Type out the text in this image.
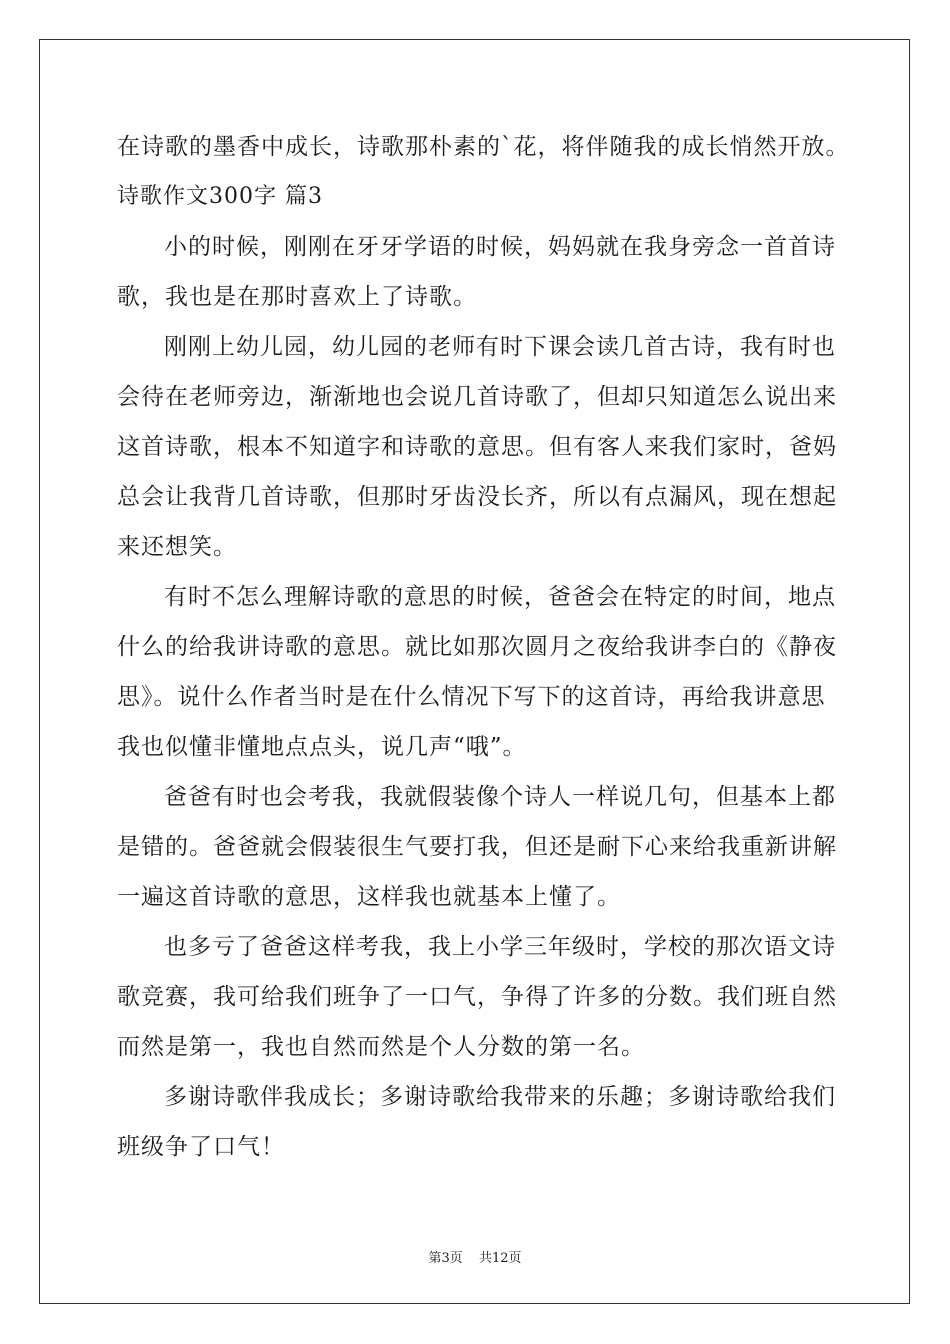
在诗歌的墨香中成长，诗歌那朴素的`花，将伴随我的成长悄然开放。
诗歌作文300字 篇3
小的时候，刚刚在牙牙学语的时候，妈妈就在我身旁念一首首诗
歌，我也是在那时喜欢上了诗歌。
刚刚上幼儿园，幼儿园的老师有时下课会读几首古诗，我有时也
会待在老师旁边，渐渐地也会说几首诗歌了，但却只知道怎么说出来
这首诗歌，根本不知道字和诗歌的意思。但有客人来我们家时，爸妈
总会让我背几首诗歌，但那时牙齿没长齐，所以有点漏风，现在想起
来还想笑。
有时不怎么理解诗歌的意思的时候，爸爸会在特定的时间，地点
什么的给我讲诗歌的意思。就比如那次圆月之夜给我讲李白的《静夜
思》。说什么作者当时是在什么情况下写下的这首诗，再给我讲意思
我也似懂非懂地点点头，说几声“哦”。
爸爸有时也会考我，我就假装像个诗人一样说几句，但基本上都
是错的。爸爸就会假装很生气要打我，但还是耐下心来给我重新讲解
一遍这首诗歌的意思，这样我也就基本上懂了。
也多亏了爸爸这样考我，我上小学三年级时，学校的那次语文诗
歌竞赛，我可给我们班争了一口气，争得了许多的分数。我们班自然
而然是第一，我也自然而然是个人分数的第一名。
多谢诗歌伴我成长；多谢诗歌给我带来的乐趣；多谢诗歌给我们
班级争了口气！
第3页 共12页
